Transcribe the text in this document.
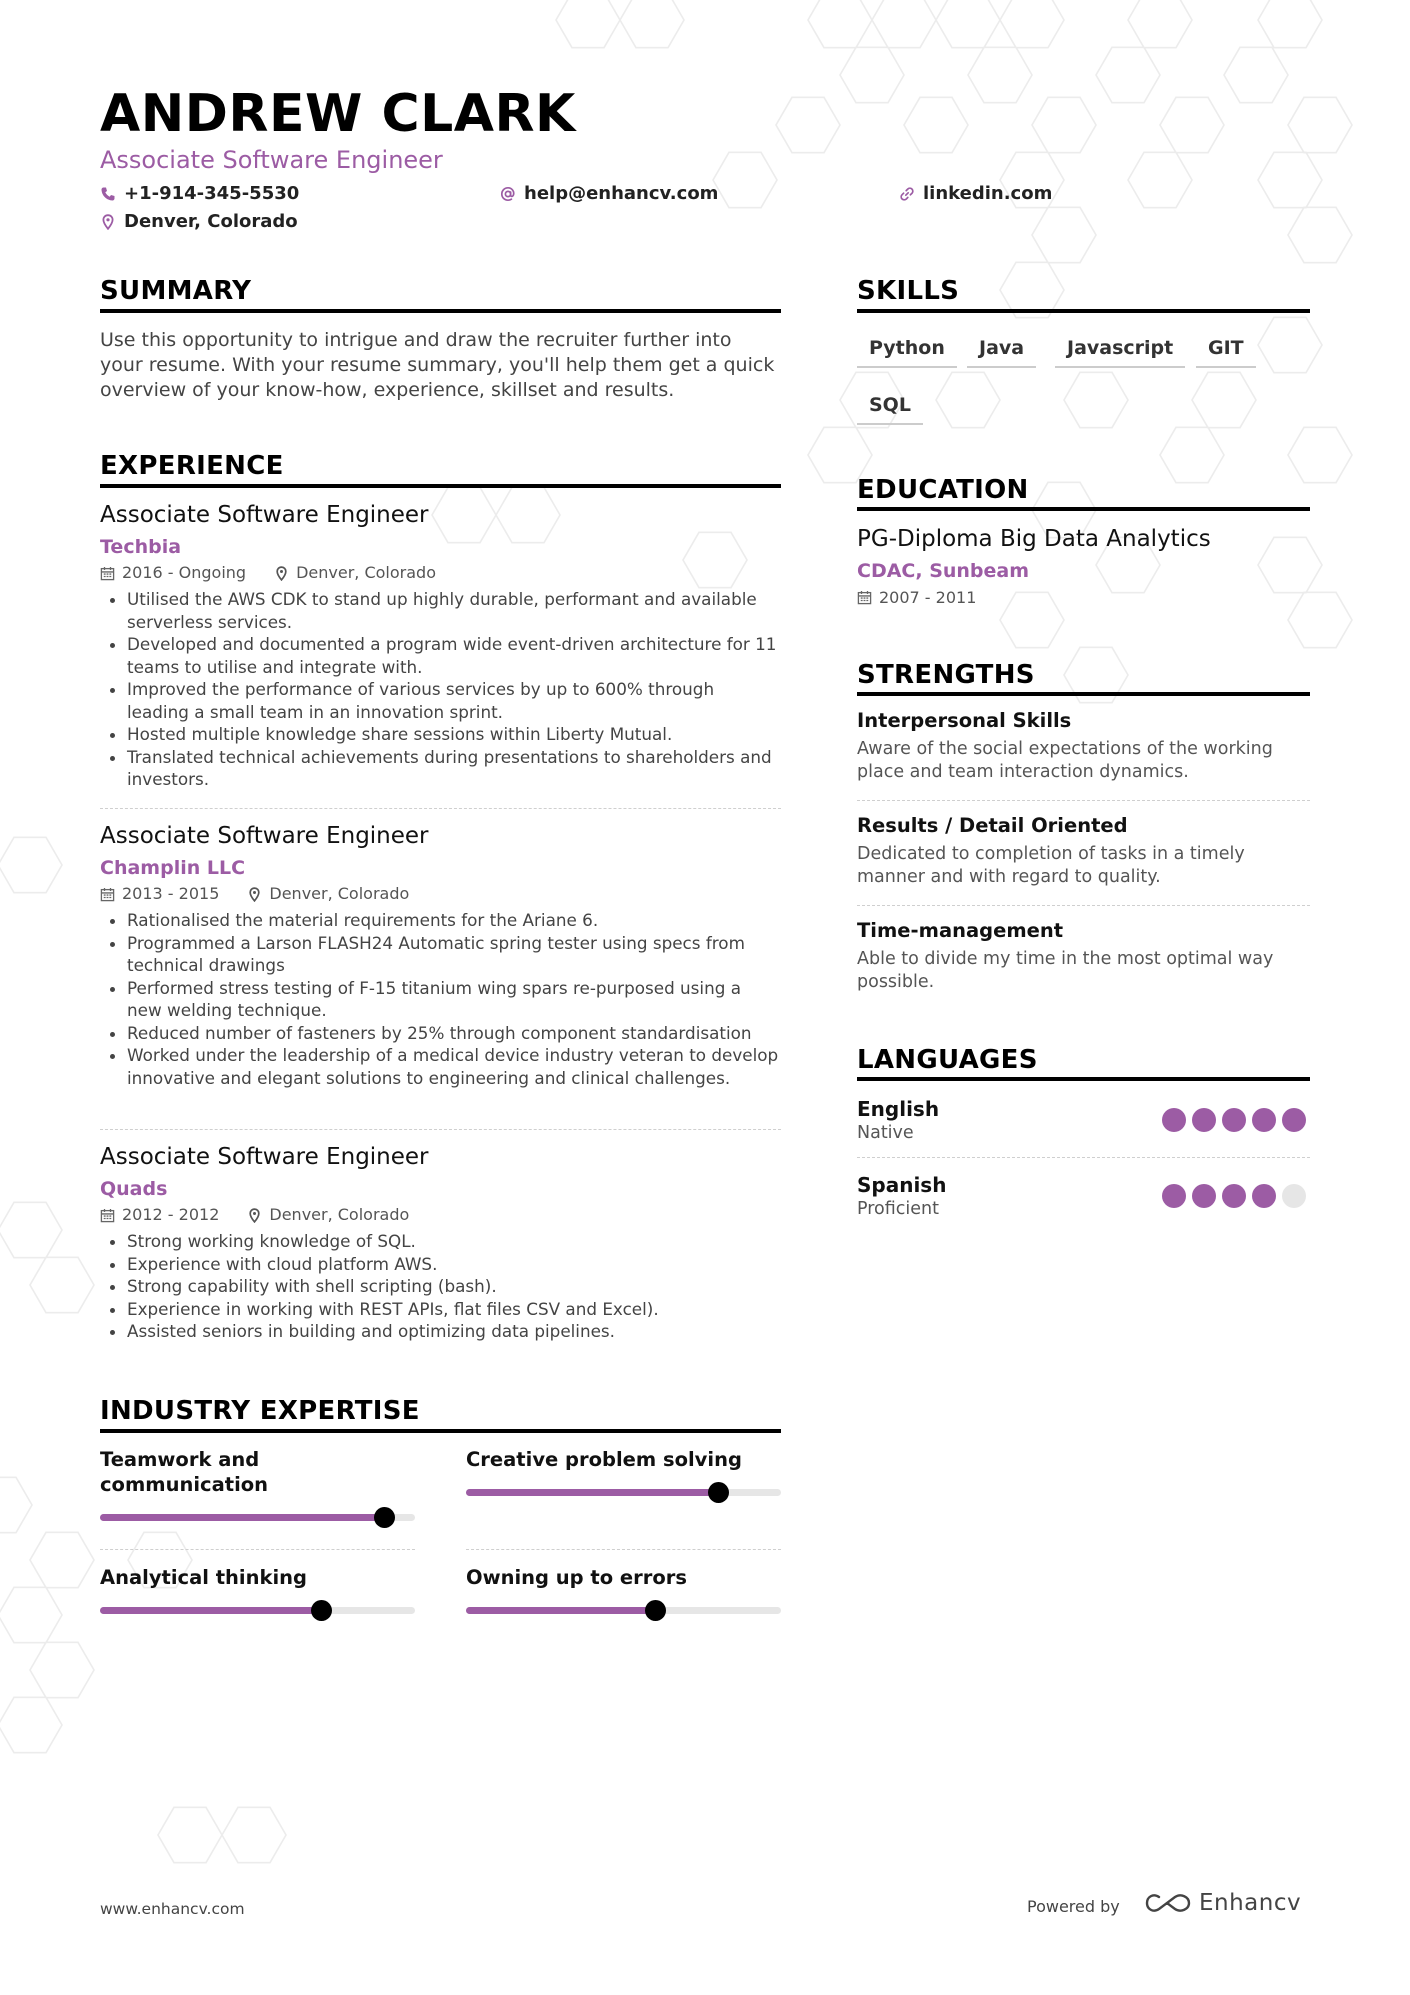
ANDREW CLARK
Associate Software Engineer
+1-914-345-5530	help@enhancv.com	linkedin.com
Denver, Colorado
SUMMARY
Use this opportunity to intrigue and draw the recruiter further into your resume. With your resume summary, you'll help them get a quick overview of your know-how, experience, skillset and results.
EXPERIENCE
Associate Software Engineer
Techbia
2016 - Ongoing	Denver, Colorado
• Utilised the AWS CDK to stand up highly durable, performant and available serverless services.
• Developed and documented a program wide event-driven architecture for 11 teams to utilise and integrate with.
• Improved the performance of various services by up to 600% through leading a small team in an innovation sprint.
• Hosted multiple knowledge share sessions within Liberty Mutual.
• Translated technical achievements during presentations to shareholders and investors.
Associate Software Engineer
Champlin LLC
2013 - 2015	Denver, Colorado
• Rationalised the material requirements for the Ariane 6.
• Programmed a Larson FLASH24 Automatic spring tester using specs from technical drawings
• Performed stress testing of F-15 titanium wing spars re-purposed using a new welding technique.
• Reduced number of fasteners by 25% through component standardisation
• Worked under the leadership of a medical device industry veteran to develop innovative and elegant solutions to engineering and clinical challenges.
Associate Software Engineer
Quads
2012 - 2012	Denver, Colorado
• Strong working knowledge of SQL.
• Experience with cloud platform AWS.
• Strong capability with shell scripting (bash).
• Experience in working with REST APIs, flat files CSV and Excel).
• Assisted seniors in building and optimizing data pipelines.
INDUSTRY EXPERTISE
Teamwork and communication
Creative problem solving
Analytical thinking	Owning up to errors
SKILLS
Python	Java	Javascript	GIT
SQL
EDUCATION
PG-Diploma Big Data Analytics
CDAC, Sunbeam
2007 - 2011
STRENGTHS
Interpersonal Skills
Aware of the social expectations of the working place and team interaction dynamics.
Results / Detail Oriented
Dedicated to completion of tasks in a timely manner and with regard to quality.
Time-management
Able to divide my time in the most optimal way possible.
LANGUAGES
English
Native
Spanish
Proficient
www.enhancv.com	Powered by	Enhancv
